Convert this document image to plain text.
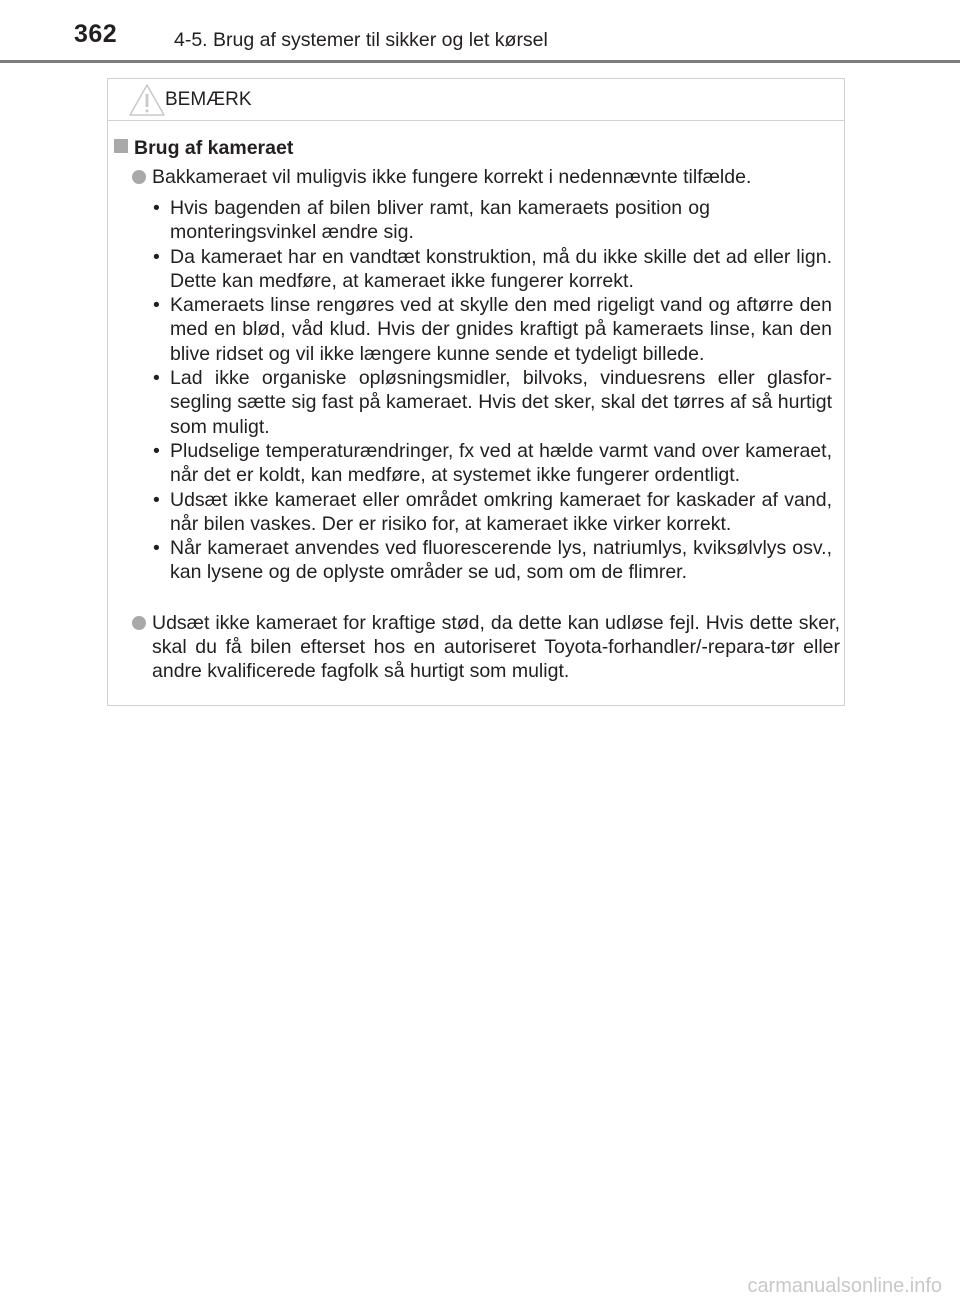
362	4-5. Brug af systemer til sikker og let kørsel
BEMÆRK
Brug af kameraet
Bakkameraet vil muligvis ikke fungere korrekt i nedennævnte tilfælde.
• Hvis bagenden af bilen bliver ramt, kan kameraets position og monteringsvinkel ændre sig.
• Da kameraet har en vandtæt konstruktion, må du ikke skille det ad eller lign. Dette kan medføre, at kameraet ikke fungerer korrekt.
• Kameraets linse rengøres ved at skylle den med rigeligt vand og aftørre den med en blød, våd klud. Hvis der gnides kraftigt på kameraets linse, kan den blive ridset og vil ikke længere kunne sende et tydeligt billede.
• Lad ikke organiske opløsningsmidler, bilvoks, vinduesrens eller glasfor-segling sætte sig fast på kameraet. Hvis det sker, skal det tørres af så hurtigt som muligt.
• Pludselige temperaturændringer, fx ved at hælde varmt vand over kameraet, når det er koldt, kan medføre, at systemet ikke fungerer ordentligt.
• Udsæt ikke kameraet eller området omkring kameraet for kaskader af vand, når bilen vaskes. Der er risiko for, at kameraet ikke virker korrekt.
• Når kameraet anvendes ved fluorescerende lys, natriumlys, kviksølvlys osv., kan lysene og de oplyste områder se ud, som om de flimrer.
Udsæt ikke kameraet for kraftige stød, da dette kan udløse fejl. Hvis dette sker, skal du få bilen efterset hos en autoriseret Toyota-forhandler/-repara-tør eller andre kvalificerede fagfolk så hurtigt som muligt.
carmanualsonline.info
